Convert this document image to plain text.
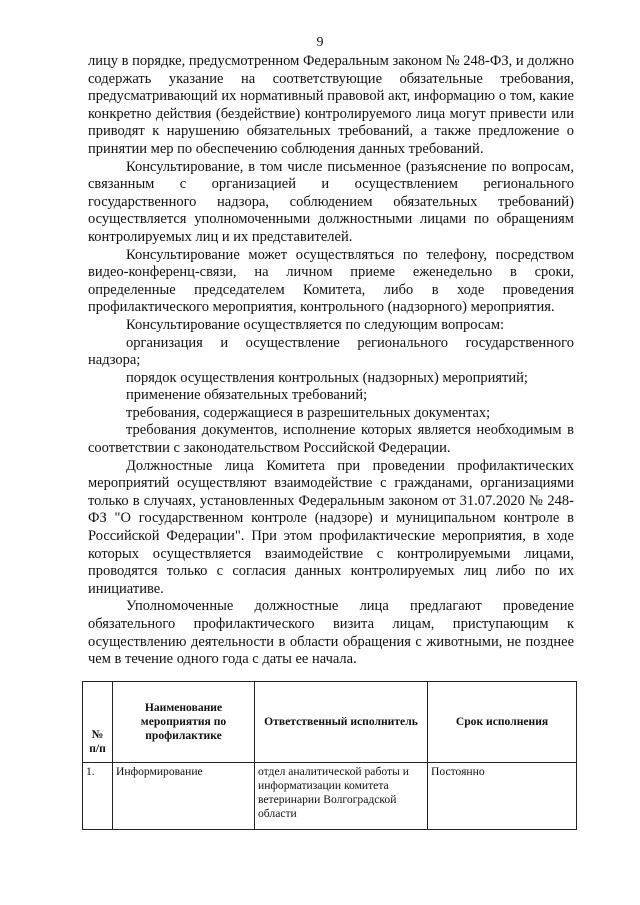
9

лицу в порядке, предусмотренном Федеральным законом № 248-ФЗ, и должно содержать указание на соответствующие обязательные требования, предусматривающий их нормативный правовой акт, информацию о том, какие конкретно действия (бездействие) контролируемого лица могут привести или приводят к нарушению обязательных требований, а также предложение о принятии мер по обеспечению соблюдения данных требований.

Консультирование, в том числе письменное (разъяснение по вопросам, связанным с организацией и осуществлением регионального государственного надзора, соблюдением обязательных требований) осуществляется уполномоченными должностными лицами по обращениям контролируемых лиц и их представителей.

Консультирование может осуществляться по телефону, посредством видео-конференц-связи, на личном приеме еженедельно в сроки, определенные председателем Комитета, либо в ходе проведения профилактического мероприятия, контрольного (надзорного) мероприятия.

Консультирование осуществляется по следующим вопросам:

организация и осуществление регионального государственного надзора;

порядок осуществления контрольных (надзорных) мероприятий;

применение обязательных требований;

требования, содержащиеся в разрешительных документах;

требования документов, исполнение которых является необходимым в соответствии с законодательством Российской Федерации.

Должностные лица Комитета при проведении профилактических мероприятий осуществляют взаимодействие с гражданами, организациями только в случаях, установленных Федеральным законом от 31.07.2020 № 248-ФЗ "О государственном контроле (надзоре) и муниципальном контроле в Российской Федерации". При этом профилактические мероприятия, в ходе которых осуществляется взаимодействие с контролируемыми лицами, проводятся только с согласия данных контролируемых лиц либо по их инициативе.

Уполномоченные должностные лица предлагают проведение обязательного профилактического визита лицам, приступающим к осуществлению деятельности в области обращения с животными, не позднее чем в течение одного года с даты ее начала.

№ п/п	Наименование мероприятия по профилактике	Ответственный исполнитель	Срок исполнения
1.	Информирование	отдел аналитической работы и информатизации комитета ветеринарии Волгоградской области	Постоянно
